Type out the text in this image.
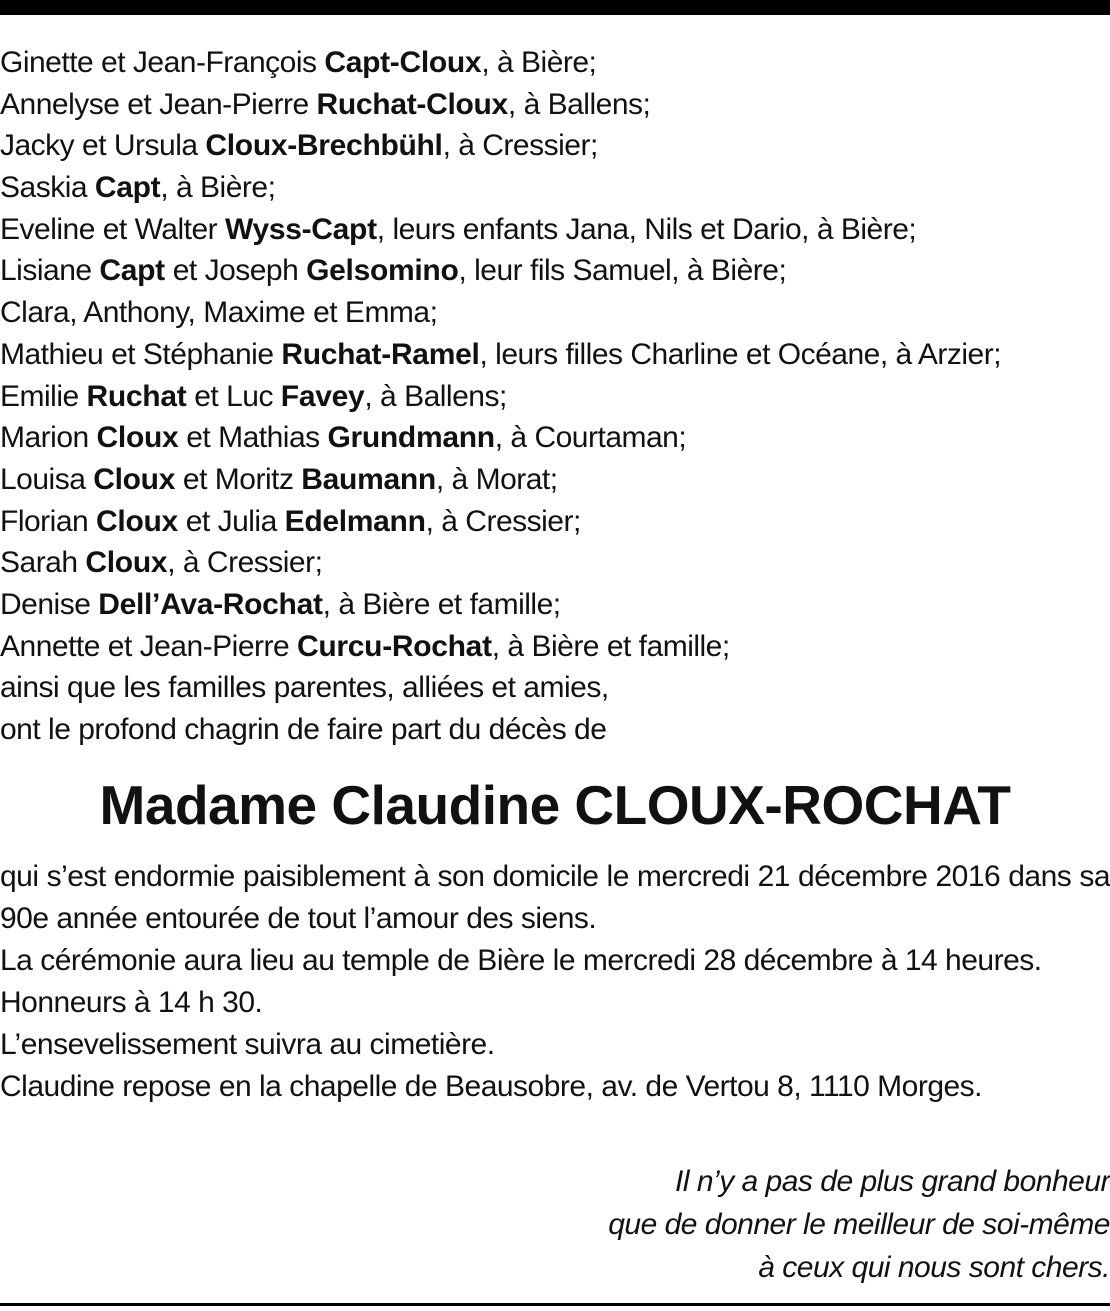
Ginette et Jean-François Capt-Cloux, à Bière;
Annelyse et Jean-Pierre Ruchat-Cloux, à Ballens;
Jacky et Ursula Cloux-Brechbühl, à Cressier;
Saskia Capt, à Bière;
Eveline et Walter Wyss-Capt, leurs enfants Jana, Nils et Dario, à Bière;
Lisiane Capt et Joseph Gelsomino, leur fils Samuel, à Bière;
Clara, Anthony, Maxime et Emma;
Mathieu et Stéphanie Ruchat-Ramel, leurs filles Charline et Océane, à Arzier;
Emilie Ruchat et Luc Favey, à Ballens;
Marion Cloux et Mathias Grundmann, à Courtaman;
Louisa Cloux et Moritz Baumann, à Morat;
Florian Cloux et Julia Edelmann, à Cressier;
Sarah Cloux, à Cressier;
Denise Dell’Ava-Rochat, à Bière et famille;
Annette et Jean-Pierre Curcu-Rochat, à Bière et famille;
ainsi que les familles parentes, alliées et amies,
ont le profond chagrin de faire part du décès de
Madame Claudine CLOUX-ROCHAT
qui s’est endormie paisiblement à son domicile le mercredi 21 décembre 2016 dans sa 90e année entourée de tout l’amour des siens.
La cérémonie aura lieu au temple de Bière le mercredi 28 décembre à 14 heures.
Honneurs à 14 h 30.
L’ensevelissement suivra au cimetière.
Claudine repose en la chapelle de Beausobre, av. de Vertou 8, 1110 Morges.
Il n’y a pas de plus grand bonheur
que de donner le meilleur de soi-même
à ceux qui nous sont chers.
